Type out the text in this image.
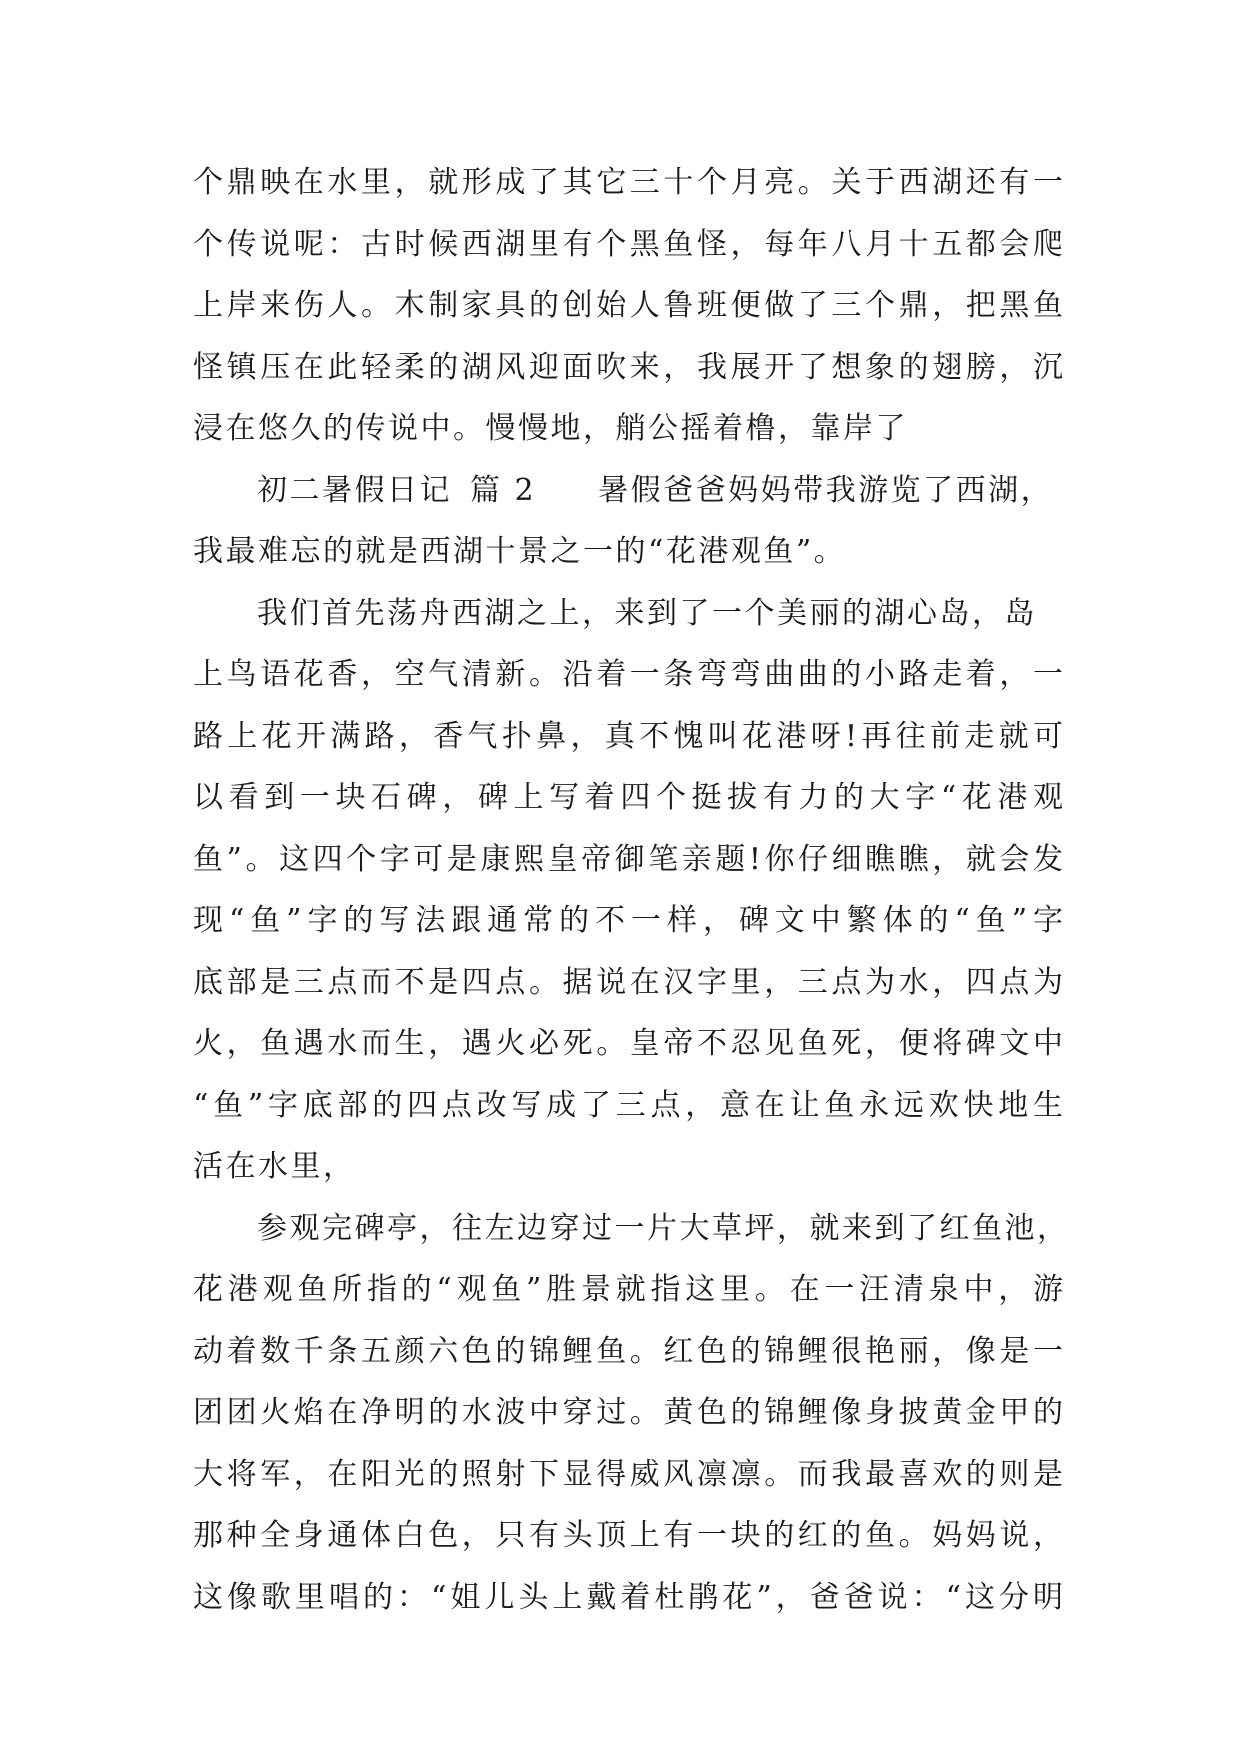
个鼎映在水里，就形成了其它三十个月亮。关于西湖还有一
个传说呢：古时候西湖里有个黑鱼怪，每年八月十五都会爬
上岸来伤人。木制家具的创始人鲁班便做了三个鼎，把黑鱼
怪镇压在此轻柔的湖风迎面吹来，我展开了想象的翅膀，沉
浸在悠久的传说中。慢慢地，艄公摇着橹，靠岸了
初二暑假日记 篇 2 暑假爸爸妈妈带我游览了西湖，
我最难忘的就是西湖十景之一的“花港观鱼”。
我们首先荡舟西湖之上，来到了一个美丽的湖心岛，岛
上鸟语花香，空气清新。沿着一条弯弯曲曲的小路走着，一
路上花开满路，香气扑鼻，真不愧叫花港呀!再往前走就可
以看到一块石碑，碑上写着四个挺拔有力的大字“花港观
鱼”。这四个字可是康熙皇帝御笔亲题!你仔细瞧瞧，就会发
现“鱼”字的写法跟通常的不一样，碑文中繁体的“鱼”字
底部是三点而不是四点。据说在汉字里，三点为水，四点为
火，鱼遇水而生，遇火必死。皇帝不忍见鱼死，便将碑文中
“鱼”字底部的四点改写成了三点，意在让鱼永远欢快地生
活在水里，
参观完碑亭，往左边穿过一片大草坪，就来到了红鱼池，
花港观鱼所指的“观鱼”胜景就指这里。在一汪清泉中，游
动着数千条五颜六色的锦鲤鱼。红色的锦鲤很艳丽，像是一
团团火焰在净明的水波中穿过。黄色的锦鲤像身披黄金甲的
大将军，在阳光的照射下显得威风凛凛。而我最喜欢的则是
那种全身通体白色，只有头顶上有一块的红的鱼。妈妈说，
这像歌里唱的：“姐儿头上戴着杜鹃花”，爸爸说：“这分明
